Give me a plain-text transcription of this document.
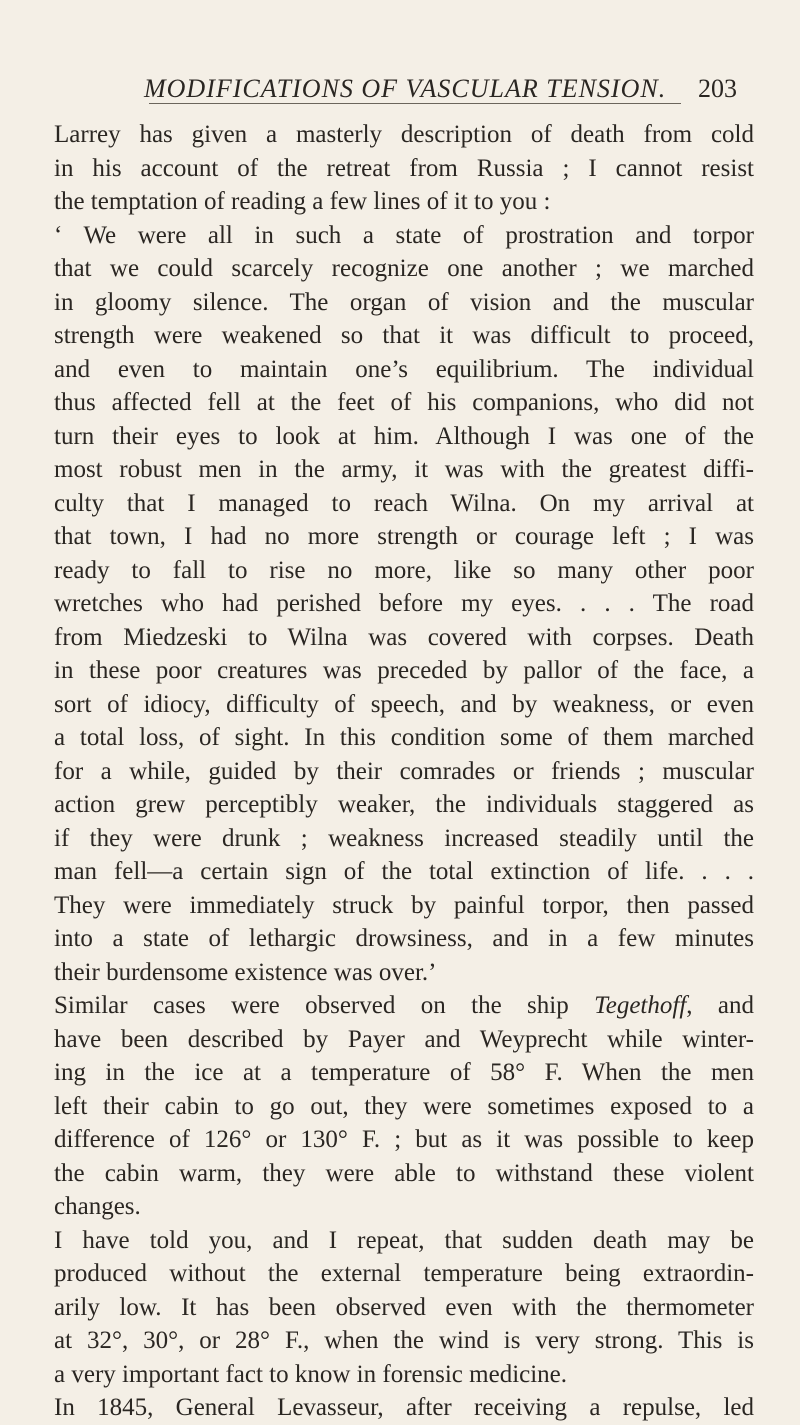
MODIFICATIONS OF VASCULAR TENSION. 203
Larrey has given a masterly description of death from cold
in his account of the retreat from Russia ; I cannot resist
the temptation of reading a few lines of it to you :
‘ We were all in such a state of prostration and torpor
that we could scarcely recognize one another ; we marched
in gloomy silence. The organ of vision and the muscular
strength were weakened so that it was difficult to proceed,
and even to maintain one’s equilibrium. The individual
thus affected fell at the feet of his companions, who did not
turn their eyes to look at him. Although I was one of the
most robust men in the army, it was with the greatest diffi-
culty that I managed to reach Wilna. On my arrival at
that town, I had no more strength or courage left ; I was
ready to fall to rise no more, like so many other poor
wretches who had perished before my eyes. . . . The road
from Miedzeski to Wilna was covered with corpses. Death
in these poor creatures was preceded by pallor of the face, a
sort of idiocy, difficulty of speech, and by weakness, or even
a total loss, of sight. In this condition some of them marched
for a while, guided by their comrades or friends ; muscular
action grew perceptibly weaker, the individuals staggered as
if they were drunk ; weakness increased steadily until the
man fell—a certain sign of the total extinction of life. . . .
They were immediately struck by painful torpor, then passed
into a state of lethargic drowsiness, and in a few minutes
their burdensome existence was over.’
Similar cases were observed on the ship Tegethoff, and
have been described by Payer and Weyprecht while winter-
ing in the ice at a temperature of 58° F. When the men
left their cabin to go out, they were sometimes exposed to a
difference of 126° or 130° F. ; but as it was possible to keep
the cabin warm, they were able to withstand these violent
changes.
I have told you, and I repeat, that sudden death may be
produced without the external temperature being extraordin-
arily low. It has been observed even with the thermometer
at 32°, 30°, or 28° F., when the wind is very strong. This is
a very important fact to know in forensic medicine.
In 1845, General Levasseur, after receiving a repulse, led
